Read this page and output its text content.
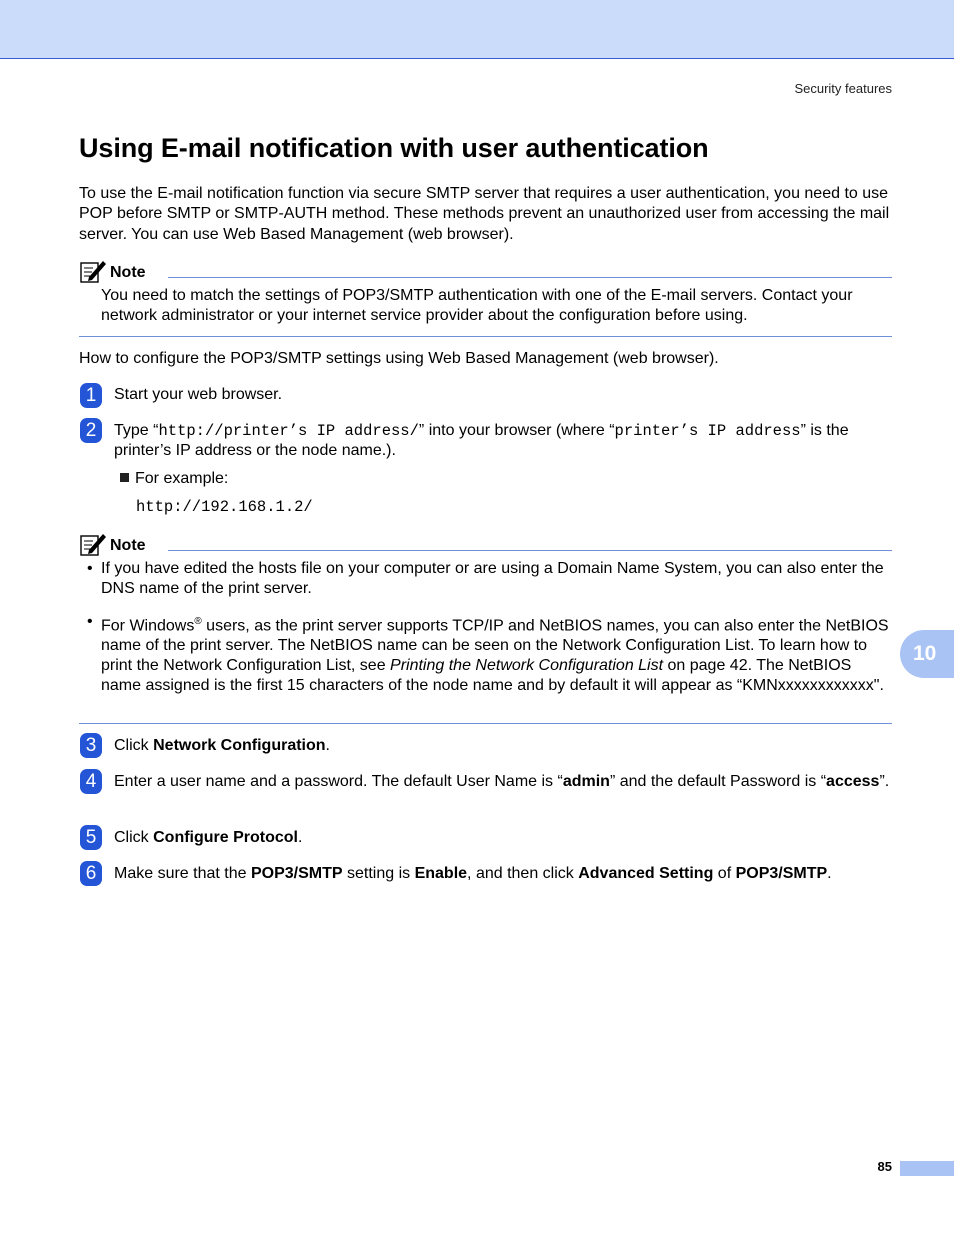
Security features
Using E-mail notification with user authentication

To use the E-mail notification function via secure SMTP server that requires a user authentication, you need to use POP before SMTP or SMTP-AUTH method. These methods prevent an unauthorized user from accessing the mail server. You can use Web Based Management (web browser).

Note

You need to match the settings of POP3/SMTP authentication with one of the E-mail servers. Contact your network administrator or your internet service provider about the configuration before using.

How to configure the POP3/SMTP settings using Web Based Management (web browser).

1	Start your web browser.

2	Type “http://printer’s IP address/” into your browser (where “printer’s IP address” is the printer’s IP address or the node name.).

For example:
http://192.168.1.2/
Note
• If you have edited the hosts file on your computer or are using a Domain Name System, you can also enter the DNS name of the print server.

• For Windows® users, as the print server supports TCP/IP and NetBIOS names, you can also enter the NetBIOS name of the print server. The NetBIOS name can be seen on the Network Configuration List. To learn how to print the Network Configuration List, see Printing the Network Configuration List on page 42. The NetBIOS name assigned is the first 15 characters of the node name and by default it will appear as “KMNxxxxxxxxxxxx".

3	Click Network Configuration.

4	Enter a user name and a password. The default User Name is “admin” and the default Password is “access”.

5	Click Configure Protocol.

6	Make sure that the POP3/SMTP setting is Enable, and then click Advanced Setting of POP3/SMTP.

10
85
